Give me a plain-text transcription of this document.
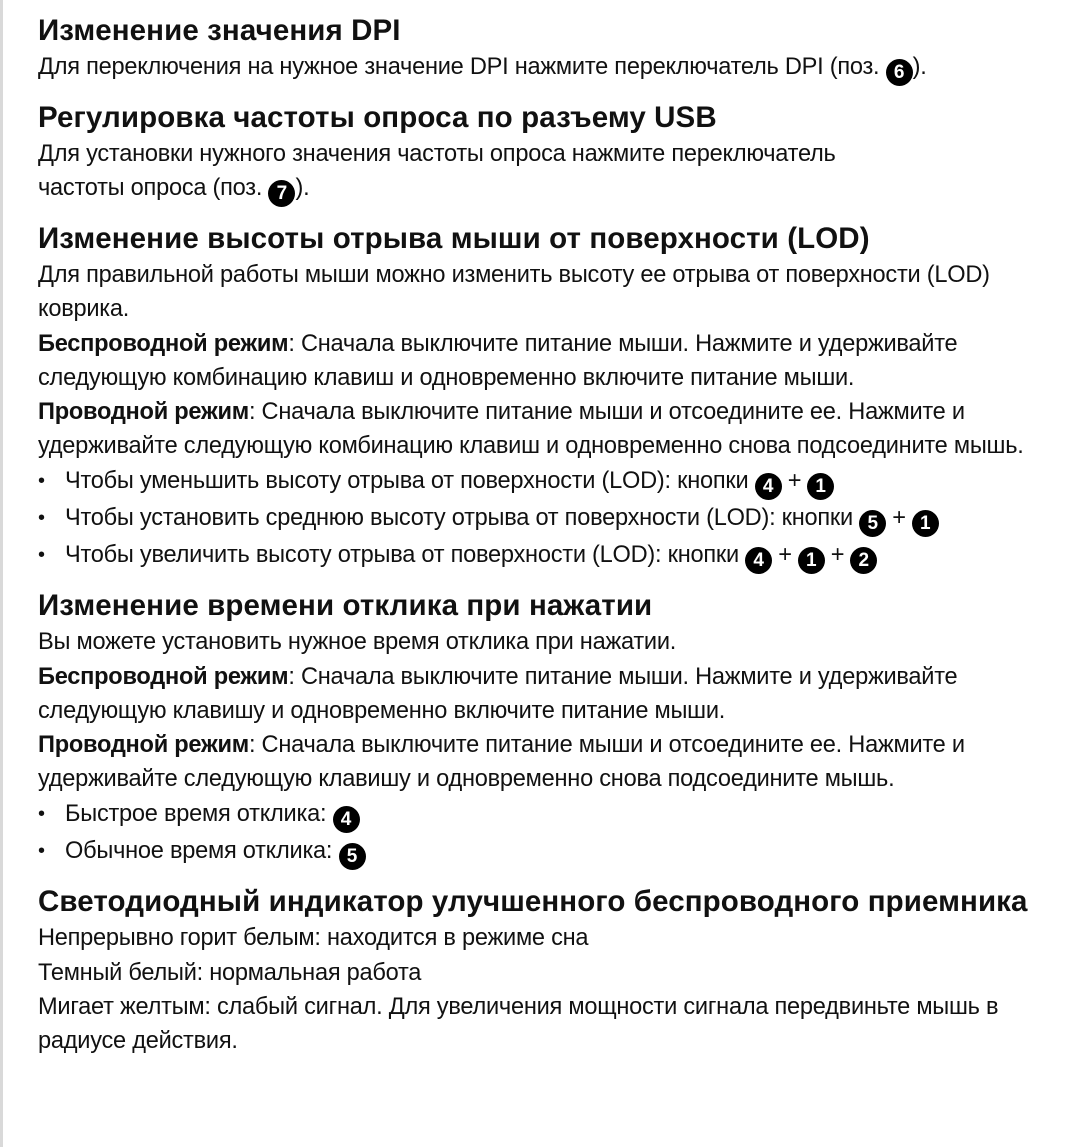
Изменение значения DPI

Для переключения на нужное значение DPI нажмите переключатель DPI (поз. 6 ).

Регулировка частоты опроса по разъему USB

Для установки нужного значения частоты опроса нажмите переключатель

частоты опроса (поз. 7 ).

Изменение высоты отрыва мыши от поверхности (LOD)

Для правильной работы мыши можно изменить высоту ее отрыва от поверхности (LOD) коврика.

Беспроводной режим: Сначала выключите питание мыши. Нажмите и удерживайте следующую комбинацию клавиш и одновременно включите питание мыши.

Проводной режим: Сначала выключите питание мыши и отсоедините ее. Нажмите и удерживайте следующую комбинацию клавиш и одновременно снова подсоедините мышь.

• Чтобы уменьшить высоту отрыва от поверхности (LOD): кнопки 4 + 1
• Чтобы установить среднюю высоту отрыва от поверхности (LOD): кнопки 5 + 1
• Чтобы увеличить высоту отрыва от поверхности (LOD): кнопки 4 + 1 + 2
Изменение времени отклика при нажатии

Вы можете установить нужное время отклика при нажатии.

Беспроводной режим: Сначала выключите питание мыши. Нажмите и удерживайте следующую клавишу и одновременно включите питание мыши.

Проводной режим: Сначала выключите питание мыши и отсоедините ее. Нажмите и удерживайте следующую клавишу и одновременно снова подсоедините мышь.

• Быстрое время отклика: 4
• Обычное время отклика: 5
Светодиодный индикатор улучшенного беспроводного приемника

Непрерывно горит белым: находится в режиме сна

Темный белый: нормальная работа

Мигает желтым: слабый сигнал. Для увеличения мощности сигнала передвиньте мышь в радиусе действия.
